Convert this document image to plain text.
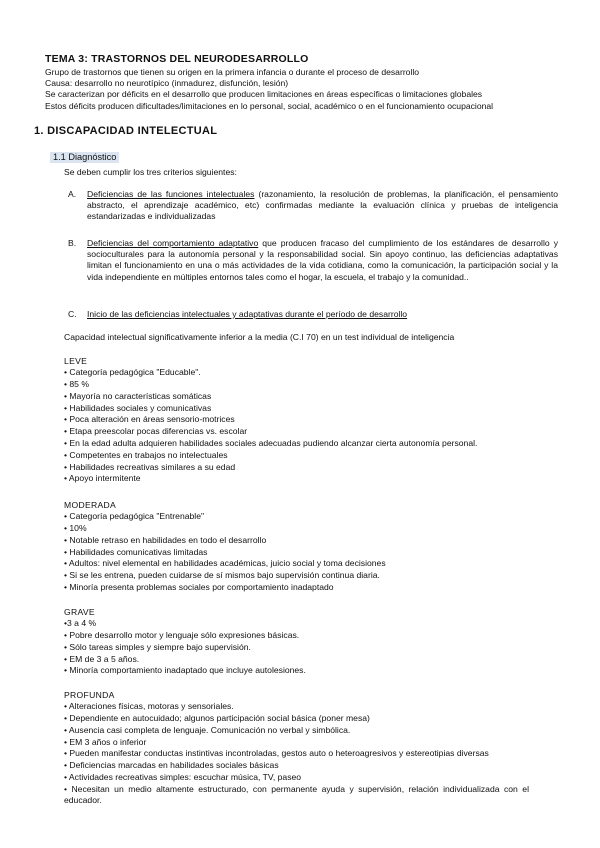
TEMA 3: TRASTORNOS DEL NEURODESARROLLO
Grupo de trastornos que tienen su origen en la primera infancia o durante el proceso de desarrollo
Causa: desarrollo no neurotípico (inmadurez, disfunción, lesión)
Se caracterizan por déficits en el desarrollo que producen limitaciones en áreas específicas o limitaciones globales
Estos déficits producen dificultades/limitaciones en lo personal, social, académico o en el funcionamiento ocupacional
1. DISCAPACIDAD INTELECTUAL
1.1 Diagnóstico
Se deben cumplir los tres criterios siguientes:
A. Deficiencias de las funciones intelectuales (razonamiento, la resolución de problemas, la planificación, el pensamiento abstracto, el aprendizaje académico, etc) confirmadas mediante la evaluación clínica y pruebas de inteligencia estandarizadas e individualizadas
B. Deficiencias del comportamiento adaptativo que producen fracaso del cumplimiento de los estándares de desarrollo y socioculturales para la autonomía personal y la responsabilidad social. Sin apoyo continuo, las deficiencias adaptativas limitan el funcionamiento en una o más actividades de la vida cotidiana, como la comunicación, la participación social y la vida independiente en múltiples entornos tales como el hogar, la escuela, el trabajo y la comunidad..
C. Inicio de las deficiencias intelectuales y adaptativas durante el período de desarrollo
Capacidad intelectual significativamente inferior a la media (C.I 70) en un test individual de inteligencia
LEVE
• Categoría pedagógica "Educable".
• 85 %
• Mayoría no características somáticas
• Habilidades sociales y comunicativas
• Poca alteración en áreas sensorio-motrices
• Etapa preescolar pocas diferencias vs. escolar
• En la edad adulta adquieren habilidades sociales adecuadas pudiendo alcanzar cierta autonomía personal.
• Competentes en trabajos no intelectuales
• Habilidades recreativas similares a su edad
• Apoyo intermitente
MODERADA
• Categoría pedagógica "Entrenable"
• 10%
• Notable retraso en habilidades en todo el desarrollo
• Habilidades comunicativas limitadas
• Adultos: nivel elemental en habilidades académicas, juicio social y toma decisiones
• Si se les entrena, pueden cuidarse de sí mismos bajo supervisión continua diaria.
• Minoría presenta problemas sociales por comportamiento inadaptado
GRAVE
•3 a 4 %
• Pobre desarrollo motor y lenguaje sólo expresiones básicas.
• Sólo tareas simples y siempre bajo supervisión.
• EM de 3 a 5 años.
• Minoría comportamiento inadaptado que incluye autolesiones.
PROFUNDA
• Alteraciones físicas, motoras y sensoriales.
• Dependiente en autocuidado; algunos participación social básica (poner mesa)
• Ausencia casi completa de lenguaje. Comunicación no verbal y simbólica.
• EM 3 años o inferior
• Pueden manifestar conductas instintivas incontroladas, gestos auto o heteroagresivos y estereotipias diversas
• Deficiencias marcadas en habilidades sociales básicas
• Actividades recreativas simples: escuchar música, TV, paseo
• Necesitan un medio altamente estructurado, con permanente ayuda y supervisión, relación individualizada con el educador.
